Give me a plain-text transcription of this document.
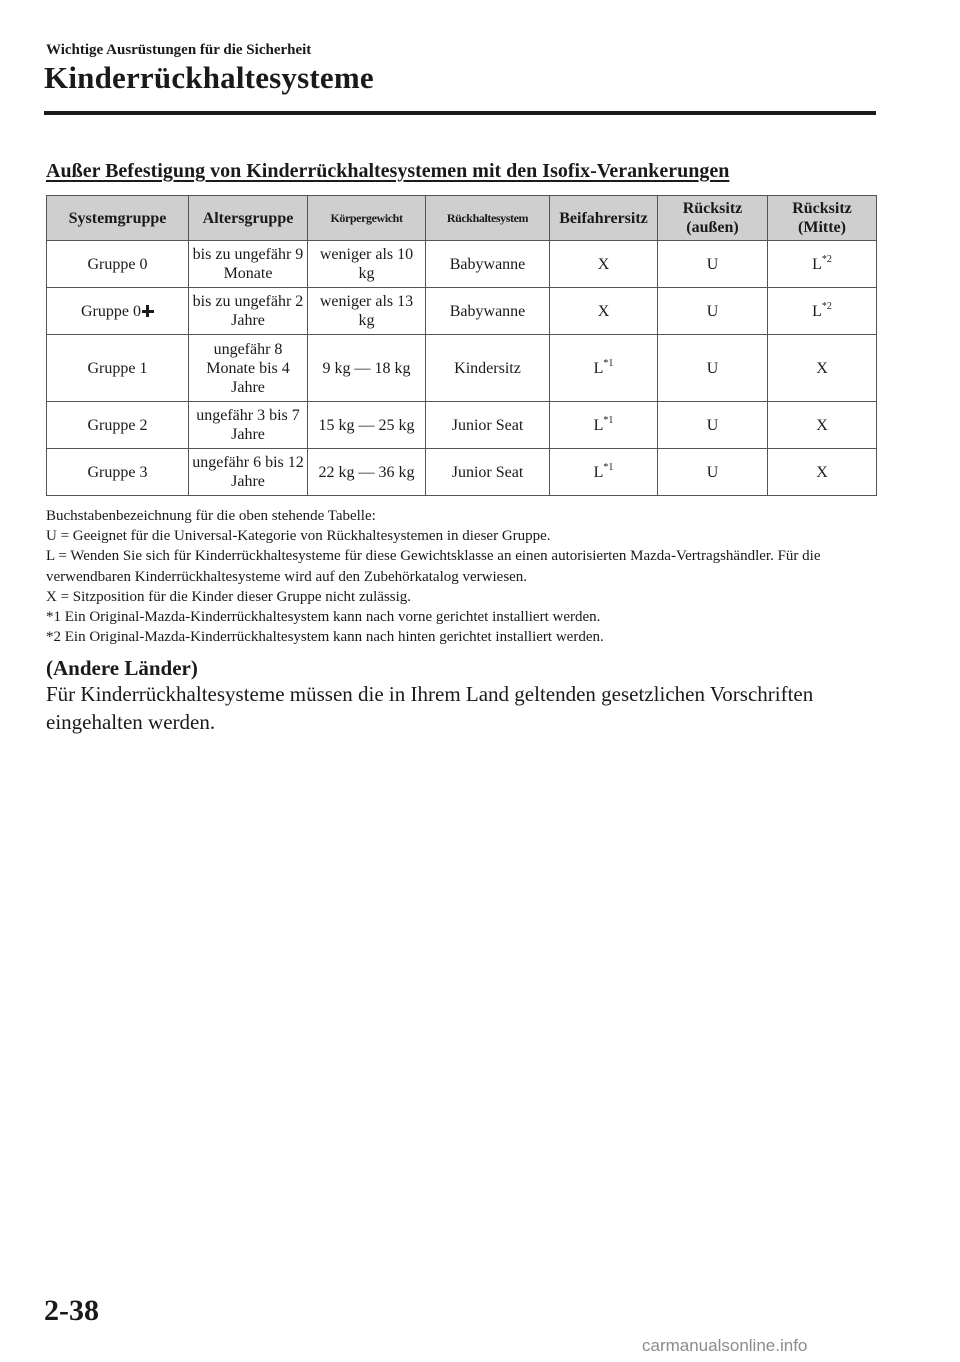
Wichtige Ausrüstungen für die Sicherheit
Kinderrückhaltesysteme
Außer Befestigung von Kinderrückhaltesystemen mit den Isofix-Verankerungen
Systemgruppe	Altersgruppe	Körpergewicht	Rückhaltesystem	Beifahrersitz	Rücksitz (außen)	Rücksitz (Mitte)
Gruppe 0	bis zu ungefähr 9 Monate	weniger als 10 kg	Babywanne	X	U	$L^{*2}$
Gruppe 0	bis zu ungefähr 2 Jahre	weniger als 13 kg	Babywanne	X	U	$L^{*2}$
Gruppe 1	ungefähr 8 Monate bis 4 Jahre	9 kg ― 18 kg	Kindersitz	$L^{*1}$	U	X
Gruppe 2	ungefähr 3 bis 7 Jahre	15 kg ― 25 kg	Junior Seat	$L^{*1}$	U	X
Gruppe 3	ungefähr 6 bis 12 Jahre	22 kg ― 36 kg	Junior Seat	$L^{*1}$	U	X

Buchstabenbezeichnung für die oben stehende Tabelle:

U = Geeignet für die Universal-Kategorie von Rückhaltesystemen in dieser Gruppe.

L = Wenden Sie sich für Kinderrückhaltesysteme für diese Gewichtsklasse an einen autorisierten Mazda-Vertragshändler. Für die verwendbaren Kinderrückhaltesysteme wird auf den Zubehörkatalog verwiesen.

X = Sitzposition für die Kinder dieser Gruppe nicht zulässig.

*1 Ein Original-Mazda-Kinderrückhaltesystem kann nach vorne gerichtet installiert werden.

*2 Ein Original-Mazda-Kinderrückhaltesystem kann nach hinten gerichtet installiert werden.

(Andere Länder)
Für Kinderrückhaltesysteme müssen die in Ihrem Land geltenden gesetzlichen Vorschriften eingehalten werden.
2-38
carmanualsonline.info
